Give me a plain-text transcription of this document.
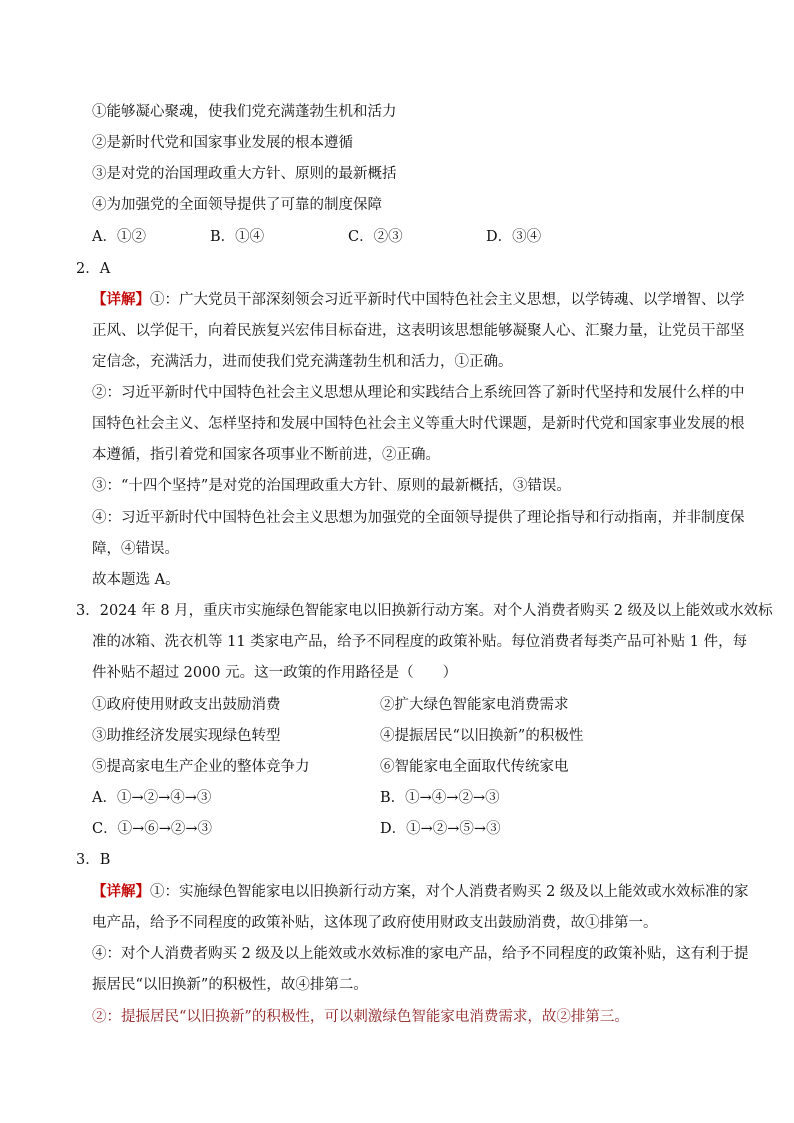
①能够凝心聚魂，使我们党充满蓬勃生机和活力
②是新时代党和国家事业发展的根本遵循
③是对党的治国理政重大方针、原则的最新概括
④为加强党的全面领导提供了可靠的制度保障
A．①②	B．①④	C．②③	D．③④
2．A
【详解】①：广大党员干部深刻领会习近平新时代中国特色社会主义思想，以学铸魂、以学增智、以学
正风、以学促干，向着民族复兴宏伟目标奋进，这表明该思想能够凝聚人心、汇聚力量，让党员干部坚
定信念，充满活力，进而使我们党充满蓬勃生机和活力，①正确。
②：习近平新时代中国特色社会主义思想从理论和实践结合上系统回答了新时代坚持和发展什么样的中
国特色社会主义、怎样坚持和发展中国特色社会主义等重大时代课题，是新时代党和国家事业发展的根
本遵循，指引着党和国家各项事业不断前进，②正确。
③：“十四个坚持”是对党的治国理政重大方针、原则的最新概括，③错误。
④：习近平新时代中国特色社会主义思想为加强党的全面领导提供了理论指导和行动指南，并非制度保
障，④错误。
故本题选 A。
3．2024 年 8 月，重庆市实施绿色智能家电以旧换新行动方案。对个人消费者购买 2 级及以上能效或水效标
准的冰箱、洗衣机等 11 类家电产品，给予不同程度的政策补贴。每位消费者每类产品可补贴 1 件，每
件补贴不超过 2000 元。这一政策的作用路径是（　　）
①政府使用财政支出鼓励消费	②扩大绿色智能家电消费需求
③助推经济发展实现绿色转型	④提振居民“以旧换新”的积极性
⑤提高家电生产企业的整体竞争力	⑥智能家电全面取代传统家电
A．①→②→④→③	B．①→④→②→③
C．①→⑥→②→③	D．①→②→⑤→③
3．B
【详解】①：实施绿色智能家电以旧换新行动方案，对个人消费者购买 2 级及以上能效或水效标准的家
电产品，给予不同程度的政策补贴，这体现了政府使用财政支出鼓励消费，故①排第一。
④：对个人消费者购买 2 级及以上能效或水效标准的家电产品，给予不同程度的政策补贴，这有利于提
振居民“以旧换新”的积极性，故④排第二。
②：提振居民“以旧换新”的积极性，可以刺激绿色智能家电消费需求，故②排第三。
